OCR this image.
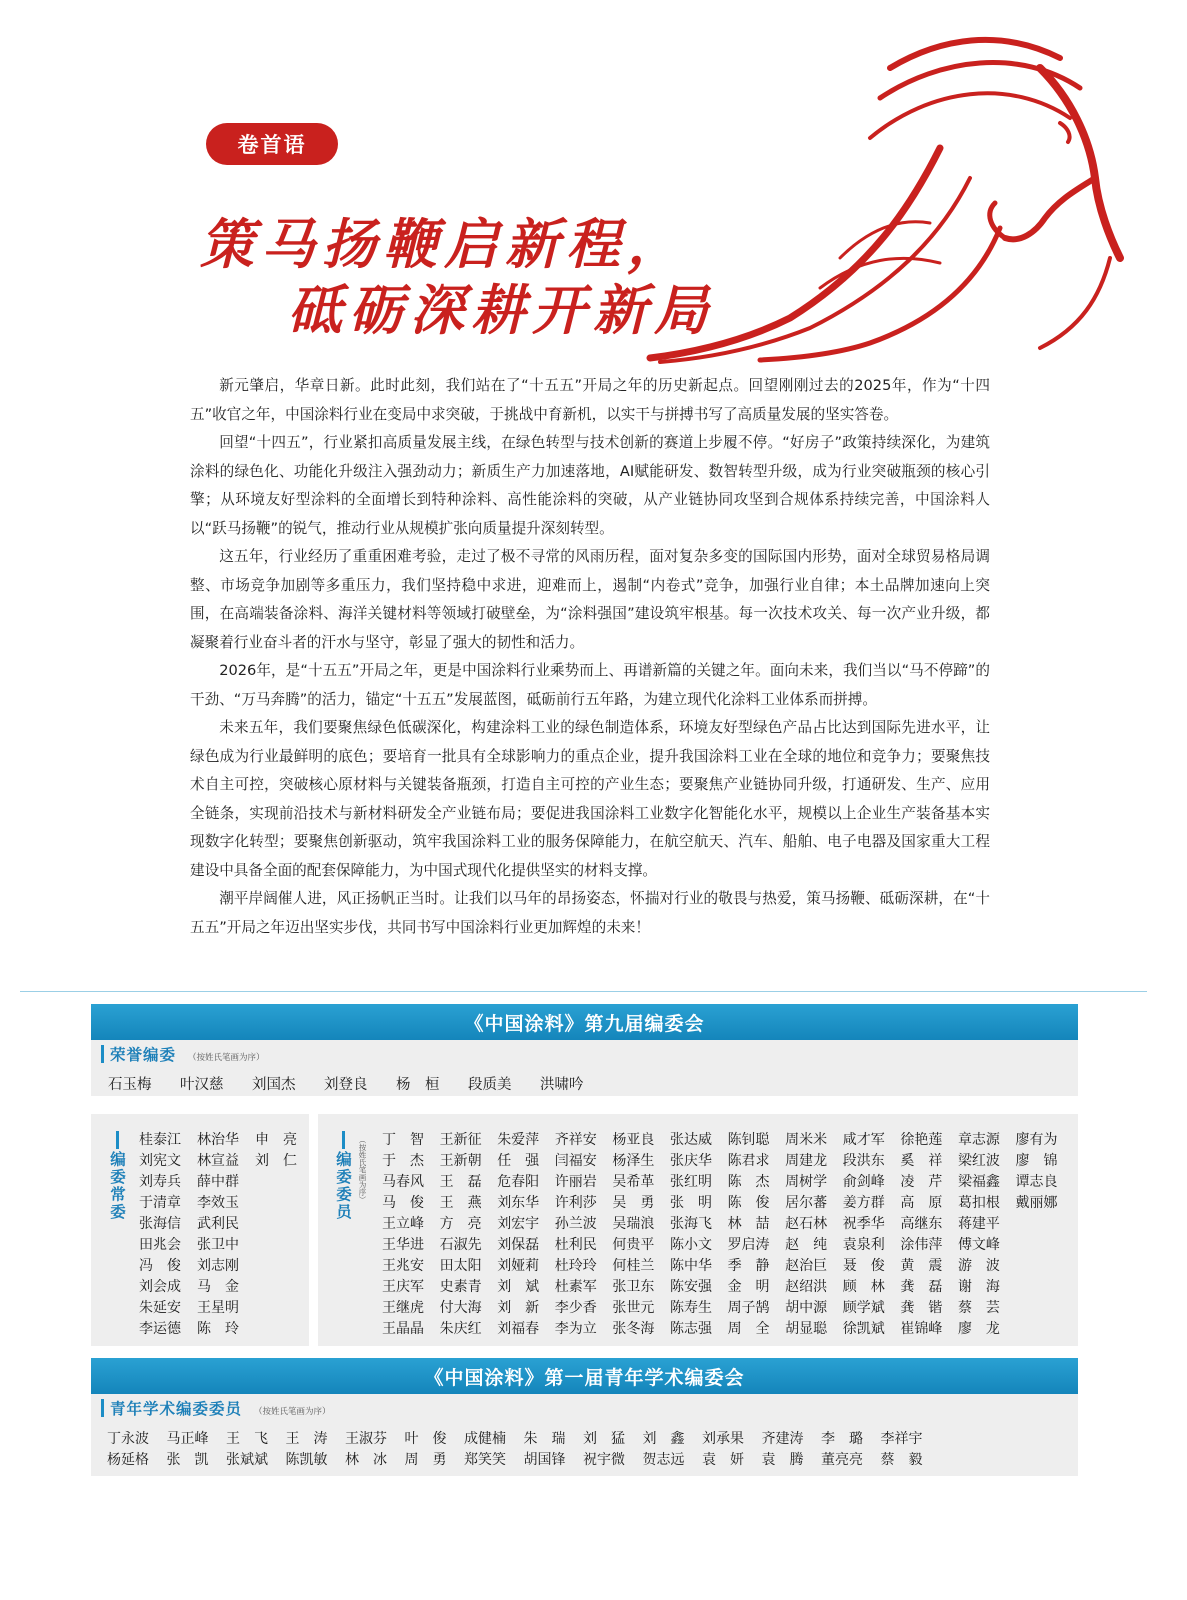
卷首语
策马扬鞭启新程，
砥砺深耕开新局

新元肇启，华章日新。此时此刻，我们站在了“十五五”开局之年的历史新起点。回望刚刚过去的2025年，作为“十四五”收官之年，中国涂料行业在变局中求突破，于挑战中育新机，以实干与拼搏书写了高质量发展的坚实答卷。

回望“十四五”，行业紧扣高质量发展主线，在绿色转型与技术创新的赛道上步履不停。“好房子”政策持续深化，为建筑涂料的绿色化、功能化升级注入强劲动力；新质生产力加速落地，AI赋能研发、数智转型升级，成为行业突破瓶颈的核心引擎；从环境友好型涂料的全面增长到特种涂料、高性能涂料的突破，从产业链协同攻坚到合规体系持续完善，中国涂料人以“跃马扬鞭”的锐气，推动行业从规模扩张向质量提升深刻转型。

这五年，行业经历了重重困难考验，走过了极不寻常的风雨历程，面对复杂多变的国际国内形势，面对全球贸易格局调整、市场竞争加剧等多重压力，我们坚持稳中求进，迎难而上，遏制“内卷式”竞争，加强行业自律；本土品牌加速向上突围，在高端装备涂料、海洋关键材料等领域打破壁垒，为“涂料强国”建设筑牢根基。每一次技术攻关、每一次产业升级，都凝聚着行业奋斗者的汗水与坚守，彰显了强大的韧性和活力。

2026年，是“十五五”开局之年，更是中国涂料行业乘势而上、再谱新篇的关键之年。面向未来，我们当以“马不停蹄”的干劲、“万马奔腾”的活力，锚定“十五五”发展蓝图，砥砺前行五年路，为建立现代化涂料工业体系而拼搏。

未来五年，我们要聚焦绿色低碳深化，构建涂料工业的绿色制造体系，环境友好型绿色产品占比达到国际先进水平，让绿色成为行业最鲜明的底色；要培育一批具有全球影响力的重点企业，提升我国涂料工业在全球的地位和竞争力；要聚焦技术自主可控，突破核心原材料与关键装备瓶颈，打造自主可控的产业生态；要聚焦产业链协同升级，打通研发、生产、应用全链条，实现前沿技术与新材料研发全产业链布局；要促进我国涂料工业数字化智能化水平，规模以上企业生产装备基本实现数字化转型；要聚焦创新驱动，筑牢我国涂料工业的服务保障能力，在航空航天、汽车、船舶、电子电器及国家重大工程建设中具备全面的配套保障能力，为中国式现代化提供坚实的材料支撑。

潮平岸阔催人进，风正扬帆正当时。让我们以马年的昂扬姿态，怀揣对行业的敬畏与热爱，策马扬鞭、砥砺深耕，在“十五五”开局之年迈出坚实步伐，共同书写中国涂料行业更加辉煌的未来！

《中国涂料》第九届编委会
荣誉编委 （按姓氏笔画为序）
石玉梅	叶汉慈	刘国杰	刘登良	杨　桓	段质美	洪啸吟
编委常委
桂泰江	林治华	申　亮
刘宪文	林宣益	刘　仁
刘寿兵	薛中群
于清章	李效玉
张海信	武利民
田兆会	张卫中
冯　俊	刘志刚
刘会成	马　金
朱延安	王星明
李运德	陈　玲
编委委员 （按姓氏笔画为序） 丁　智	王新征	朱爱萍	齐祥安	杨亚良	张达威	陈钊聪	周米米	咸才军	徐艳莲	章志源	廖有为
于　杰	王新朝	任　强	闫福安	杨泽生	张庆华	陈君求	周建龙	段洪东	奚　祥	梁红波	廖　锦
马春风	王　磊	危春阳	许丽岩	吴希革	张红明	陈　杰	周树学	俞剑峰	凌　芹	梁福鑫	谭志良
马　俊	王　燕	刘东华	许利莎	吴　勇	张　明	陈　俊	居尔蕃	姜方群	高　原	葛扣根	戴丽娜
王立峰	方　亮	刘宏宇	孙兰波	吴瑞浪	张海飞	林　喆	赵石林	祝季华	高继东	蒋建平
王华进	石淑先	刘保磊	杜利民	何贵平	陈小文	罗启涛	赵　纯	袁泉利	涂伟萍	傅文峰
王兆安	田太阳	刘娅莉	杜玲玲	何桂兰	陈中华	季　静	赵治巨	聂　俊	黄　震	游　波
王庆军	史素青	刘　斌	杜素军	张卫东	陈安强	金　明	赵绍洪	顾　林	龚　磊	谢　海
王继虎	付大海	刘　新	李少香	张世元	陈寿生	周子鹄	胡中源	顾学斌	龚　锴	蔡　芸
王晶晶	朱庆红	刘福春	李为立	张冬海	陈志强	周　全	胡显聪	徐凯斌	崔锦峰	廖　龙
《中国涂料》第一届青年学术编委会
青年学术编委委员 （按姓氏笔画为序）
丁永波	马正峰	王　飞	王　涛	王淑芬	叶　俊	成健楠	朱　瑞	刘　猛	刘　鑫	刘承果	齐建涛	李　璐	李祥宇
杨延格	张　凯	张斌斌	陈凯敏	林　冰	周　勇	郑笑笑	胡国锋	祝宇微	贺志远	袁　妍	袁　腾	董亮亮	蔡　毅
